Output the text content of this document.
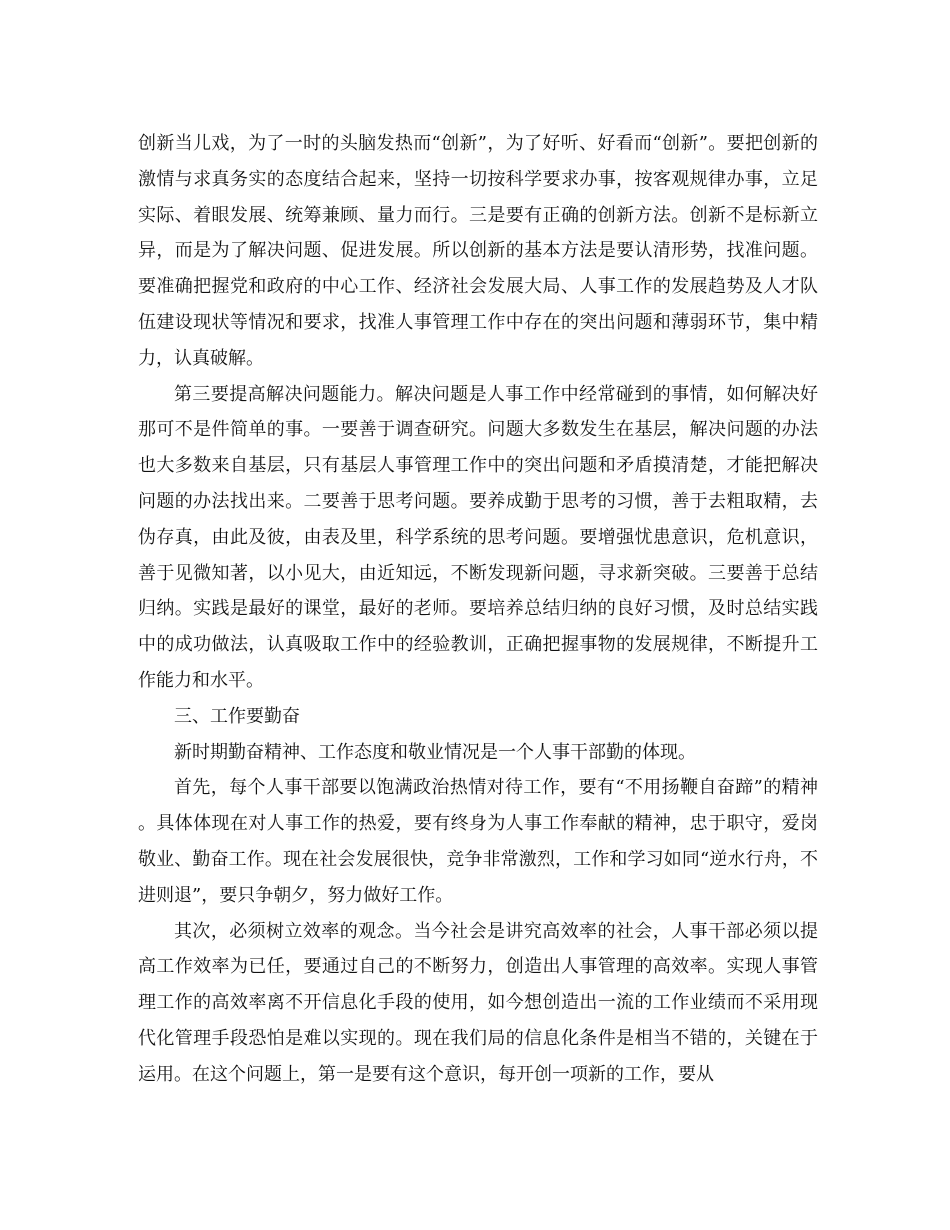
创新当儿戏，为了一时的头脑发热而“创新”，为了好听、好看而“创新”。要把创新的激情与求真务实的态度结合起来，坚持一切按科学要求办事，按客观规律办事，立足实际、着眼发展、统筹兼顾、量力而行。三是要有正确的创新方法。创新不是标新立异，而是为了解决问题、促进发展。所以创新的基本方法是要认清形势，找准问题。要准确把握党和政府的中心工作、经济社会发展大局、人事工作的发展趋势及人才队伍建设现状等情况和要求，找准人事管理工作中存在的突出问题和薄弱环节，集中精力，认真破解。

第三要提高解决问题能力。解决问题是人事工作中经常碰到的事情，如何解决好那可不是件简单的事。一要善于调查研究。问题大多数发生在基层，解决问题的办法也大多数来自基层，只有基层人事管理工作中的突出问题和矛盾摸清楚，才能把解决问题的办法找出来。二要善于思考问题。要养成勤于思考的习惯，善于去粗取精，去伪存真，由此及彼，由表及里，科学系统的思考问题。要增强忧患意识，危机意识，善于见微知著，以小见大，由近知远，不断发现新问题，寻求新突破。三要善于总结归纳。实践是最好的课堂，最好的老师。要培养总结归纳的良好习惯，及时总结实践中的成功做法，认真吸取工作中的经验教训，正确把握事物的发展规律，不断提升工作能力和水平。

三、工作要勤奋

新时期勤奋精神、工作态度和敬业情况是一个人事干部勤的体现。

首先，每个人事干部要以饱满政治热情对待工作，要有“不用扬鞭自奋蹄”的精神。具体体现在对人事工作的热爱，要有终身为人事工作奉献的精神，忠于职守，爱岗敬业、勤奋工作。现在社会发展很快，竞争非常激烈，工作和学习如同“逆水行舟，不进则退”，要只争朝夕，努力做好工作。

其次，必须树立效率的观念。当今社会是讲究高效率的社会，人事干部必须以提高工作效率为已任，要通过自己的不断努力，创造出人事管理的高效率。实现人事管理工作的高效率离不开信息化手段的使用，如今想创造出一流的工作业绩而不采用现代化管理手段恐怕是难以实现的。现在我们局的信息化条件是相当不错的，关键在于运用。在这个问题上，第一是要有这个意识，每开创一项新的工作，要从
